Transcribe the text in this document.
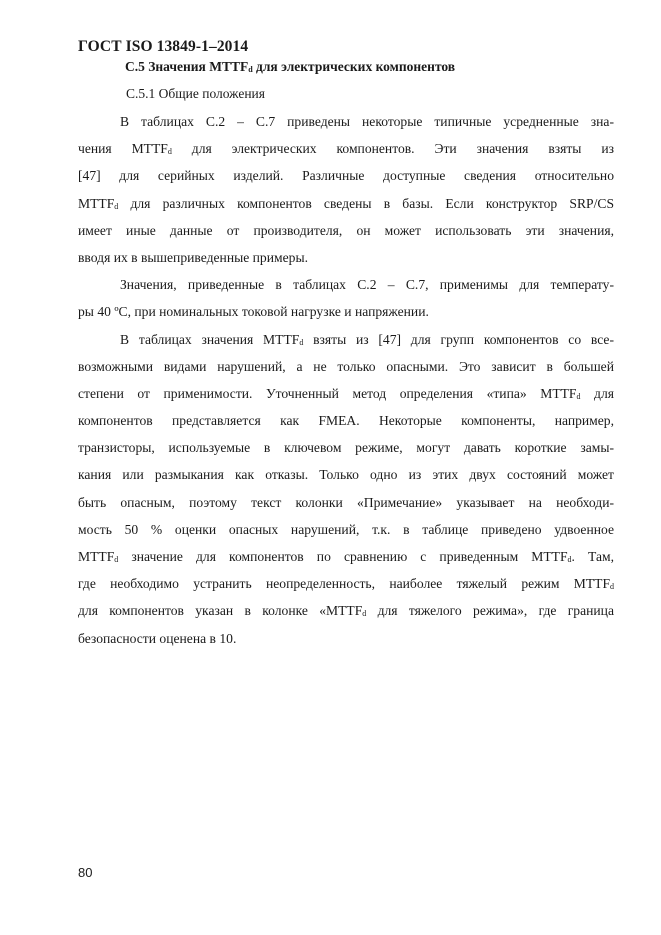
ГОСТ ISO 13849-1–2014
С.5 Значения $MTTF_d$ для электрических компонентов
С.5.1 Общие положения
В таблицах С.2 – С.7 приведены некоторые типичные усредненные зна-
чения $MTTF_d$ для электрических компонентов. Эти значения взяты из
[47] для серийных изделий. Различные доступные сведения относительно
$MTTF_d$ для различных компонентов сведены в базы. Если конструктор SRP/CS
имеет иные данные от производителя, он может использовать эти значения,
вводя их в вышеприведенные примеры.
Значения, приведенные в таблицах С.2 – С.7, применимы для температу-
ры 40 ºC, при номинальных токовой нагрузке и напряжении.
В таблицах значения $MTTF_d$ взяты из [47] для групп компонентов со все-
возможными видами нарушений, а не только опасными. Это зависит в большей
степени от применимости. Уточненный метод определения «типа» $MTTF_d$ для
компонентов представляется как FMEA. Некоторые компоненты, например,
транзисторы, используемые в ключевом режиме, могут давать короткие замы-
кания или размыкания как отказы. Только одно из этих двух состояний может
быть опасным, поэтому текст колонки «Примечание» указывает на необходи-
мость 50 % оценки опасных нарушений, т.к. в таблице приведено удвоенное
$MTTF_d$ значение для компонентов по сравнению с приведенным $MTTF_d$. Там,
где необходимо устранить неопределенность, наиболее тяжелый режим $MTTF_d$
для компонентов указан в колонке «$MTTF_d$ для тяжелого режима», где граница
безопасности оценена в 10.
80
